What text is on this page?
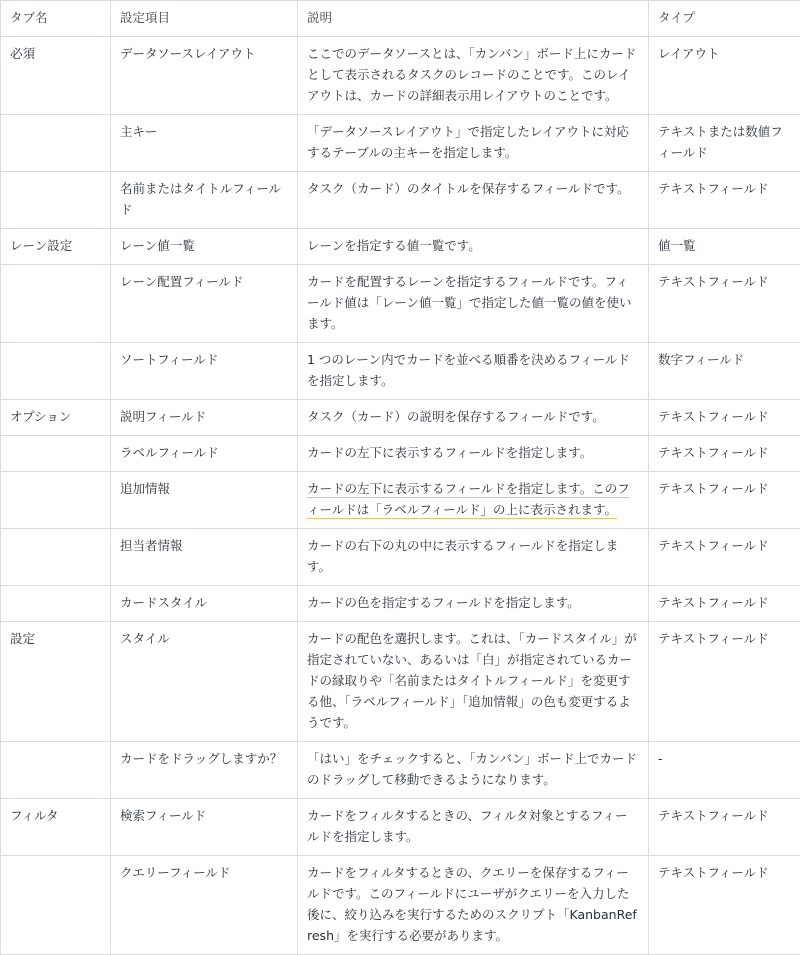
タブ名	設定項目	説明	タイプ
必須	データソースレイアウト	ここでのデータソースとは、「カンバン」ボード上にカードとして表示されるタスクのレコードのことです。このレイアウトは、カードの詳細表示用レイアウトのことです。	レイアウト
	主キー	「データソースレイアウト」で指定したレイアウトに対応するテーブルの主キーを指定します。	テキストまたは数値フィールド
	名前またはタイトルフィールド	タスク（カード）のタイトルを保存するフィールドです。	テキストフィールド
レーン設定	レーン値一覧	レーンを指定する値一覧です。	値一覧
	レーン配置フィールド	カードを配置するレーンを指定するフィールドです。フィールド値は「レーン値一覧」で指定した値一覧の値を使います。	テキストフィールド
	ソートフィールド	1 つのレーン内でカードを並べる順番を決めるフィールドを指定します。	数字フィールド
オプション	説明フィールド	タスク（カード）の説明を保存するフィールドです。	テキストフィールド
	ラベルフィールド	カードの左下に表示するフィールドを指定します。	テキストフィールド
	追加情報	カードの左下に表示するフィールドを指定します。このフィールドは「ラベルフィールド」の上に表示されます。	テキストフィールド
	担当者情報	カードの右下の丸の中に表示するフィールドを指定します。	テキストフィールド
	カードスタイル	カードの色を指定するフィールドを指定します。	テキストフィールド
設定	スタイル	カードの配色を選択します。これは、「カードスタイル」が指定されていない、あるいは「白」が指定されているカードの縁取りや「名前またはタイトルフィールド」を変更する他、「ラベルフィールド」「追加情報」の色も変更するようです。	テキストフィールド
	カードをドラッグしますか？	「はい」をチェックすると、「カンバン」ボード上でカードのドラッグして移動できるようになります。	-
フィルタ	検索フィールド	カードをフィルタするときの、フィルタ対象とするフィールドを指定します。	テキストフィールド
	クエリーフィールド	カードをフィルタするときの、クエリーを保存するフィールドです。このフィールドにユーザがクエリーを入力した後に、絞り込みを実行するためのスクリプト「KanbanRefresh」を実行する必要があります。	テキストフィールド
